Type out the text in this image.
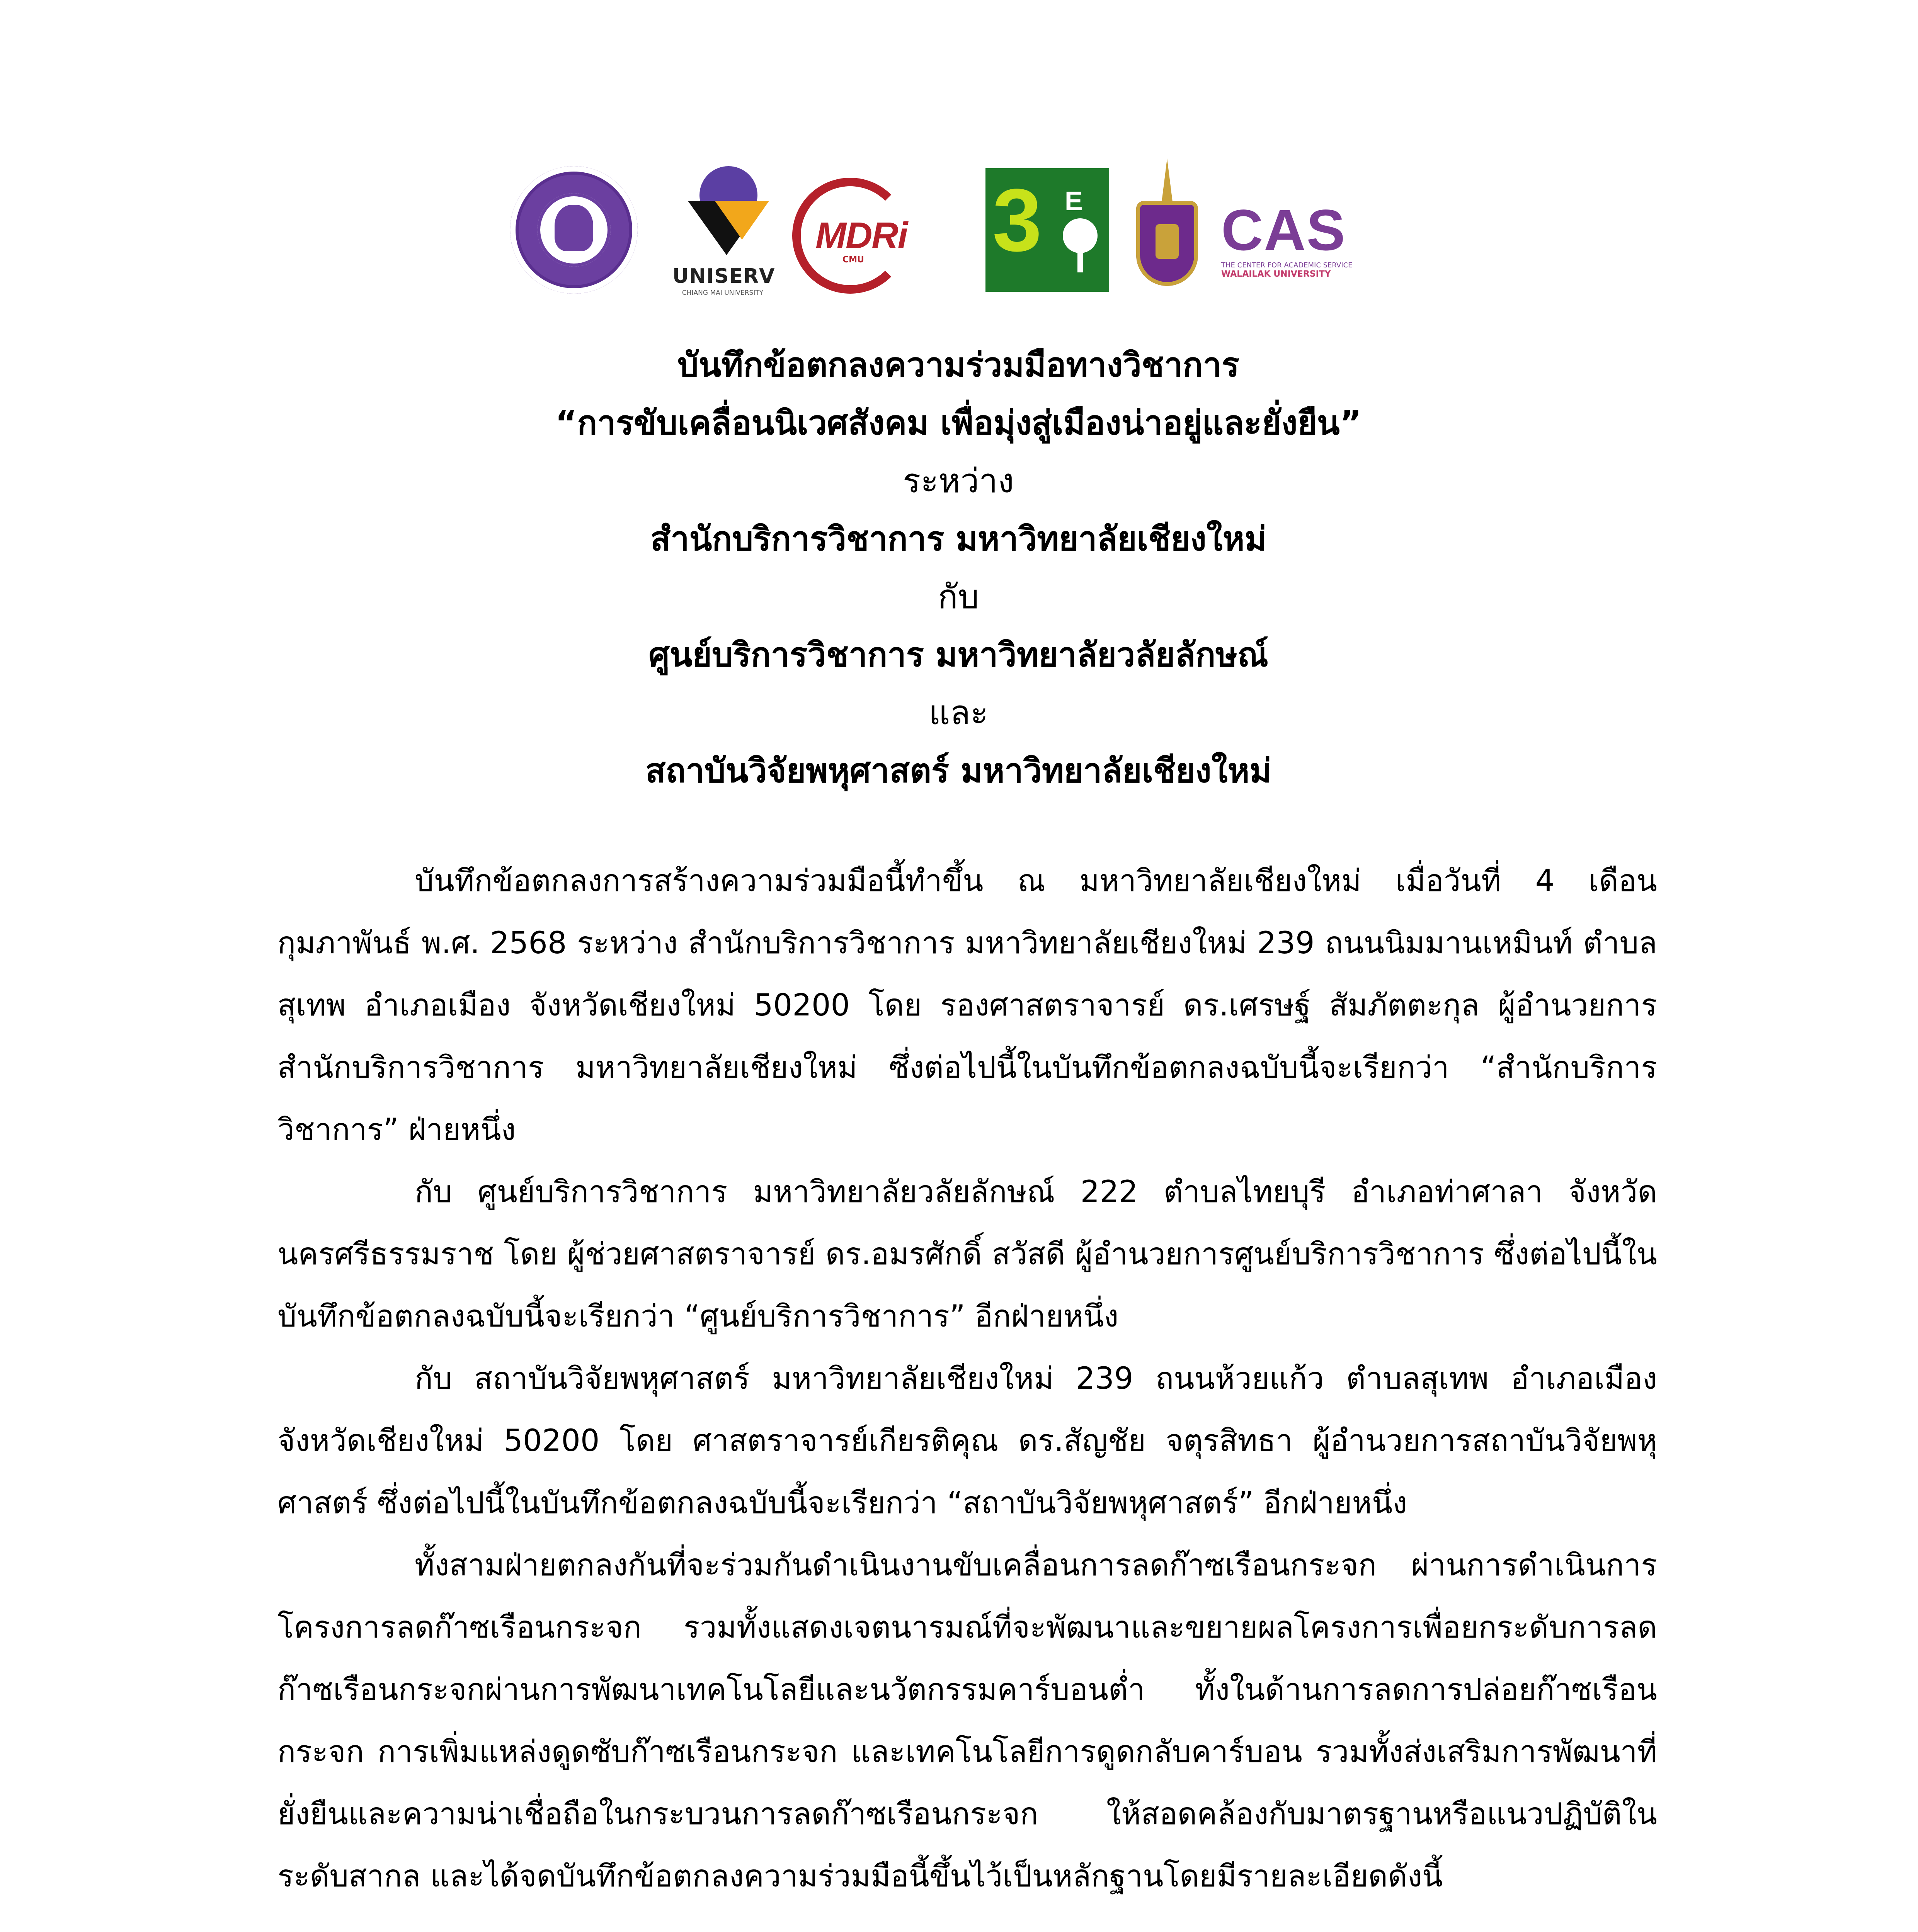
UNISERV
CHIANG MAI UNIVERSITY
MDRi
CMU 3 E CAS
THE CENTER FOR ACADEMIC SERVICE
WALAILAK UNIVERSITY
บันทึกข้อตกลงความร่วมมือทางวิชาการ
“การขับเคลื่อนนิเวศสังคม เพื่อมุ่งสู่เมืองน่าอยู่และยั่งยืน”
ระหว่าง
สำนักบริการวิชาการ มหาวิทยาลัยเชียงใหม่
กับ
ศูนย์บริการวิชาการ มหาวิทยาลัยวลัยลักษณ์
และ
สถาบันวิจัยพหุศาสตร์ มหาวิทยาลัยเชียงใหม่

บันทึกข้อตกลงการสร้างความร่วมมือนี้ทำขึ้น ณ มหาวิทยาลัยเชียงใหม่ เมื่อวันที่ 4 เดือน กุมภาพันธ์ พ.ศ. 2568 ระหว่าง สำนักบริการวิชาการ มหาวิทยาลัยเชียงใหม่ 239 ถนนนิมมานเหมินท์ ตำบลสุเทพ อำเภอเมือง จังหวัดเชียงใหม่ 50200 โดย รองศาสตราจารย์ ดร.เศรษฐ์ สัมภัตตะกุล ผู้อำนวยการสำนักบริการวิชาการ มหาวิทยาลัยเชียงใหม่ ซึ่งต่อไปนี้ในบันทึกข้อตกลงฉบับนี้จะเรียกว่า “สำนักบริการวิชาการ” ฝ่ายหนึ่ง

กับ ศูนย์บริการวิชาการ มหาวิทยาลัยวลัยลักษณ์ 222 ตำบลไทยบุรี อำเภอท่าศาลา จังหวัดนครศรีธรรมราช โดย ผู้ช่วยศาสตราจารย์ ดร.อมรศักดิ์ สวัสดี ผู้อำนวยการศูนย์บริการวิชาการ ซึ่งต่อไปนี้ในบันทึกข้อตกลงฉบับนี้จะเรียกว่า “ศูนย์บริการวิชาการ” อีกฝ่ายหนึ่ง

กับ สถาบันวิจัยพหุศาสตร์ มหาวิทยาลัยเชียงใหม่ 239 ถนนห้วยแก้ว ตำบลสุเทพ อำเภอเมือง จังหวัดเชียงใหม่ 50200 โดย ศาสตราจารย์เกียรติคุณ ดร.สัญชัย จตุรสิทธา ผู้อำนวยการสถาบันวิจัยพหุศาสตร์ ซึ่งต่อไปนี้ในบันทึกข้อตกลงฉบับนี้จะเรียกว่า “สถาบันวิจัยพหุศาสตร์” อีกฝ่ายหนึ่ง

ทั้งสามฝ่ายตกลงกันที่จะร่วมกันดำเนินงานขับเคลื่อนการลดก๊าซเรือนกระจก ผ่านการดำเนินการโครงการลดก๊าซเรือนกระจก รวมทั้งแสดงเจตนารมณ์ที่จะพัฒนาและขยายผลโครงการเพื่อยกระดับการลดก๊าซเรือนกระจกผ่านการพัฒนาเทคโนโลยีและนวัตกรรมคาร์บอนต่ำ ทั้งในด้านการลดการปล่อยก๊าซเรือนกระจก การเพิ่มแหล่งดูดซับก๊าซเรือนกระจก และเทคโนโลยีการดูดกลับคาร์บอน รวมทั้งส่งเสริมการพัฒนาที่ยั่งยืนและความน่าเชื่อถือในกระบวนการลดก๊าซเรือนกระจก ให้สอดคล้องกับมาตรฐานหรือแนวปฏิบัติในระดับสากล และได้จดบันทึกข้อตกลงความร่วมมือนี้ขึ้นไว้เป็นหลักฐานโดยมีรายละเอียดดังนี้
